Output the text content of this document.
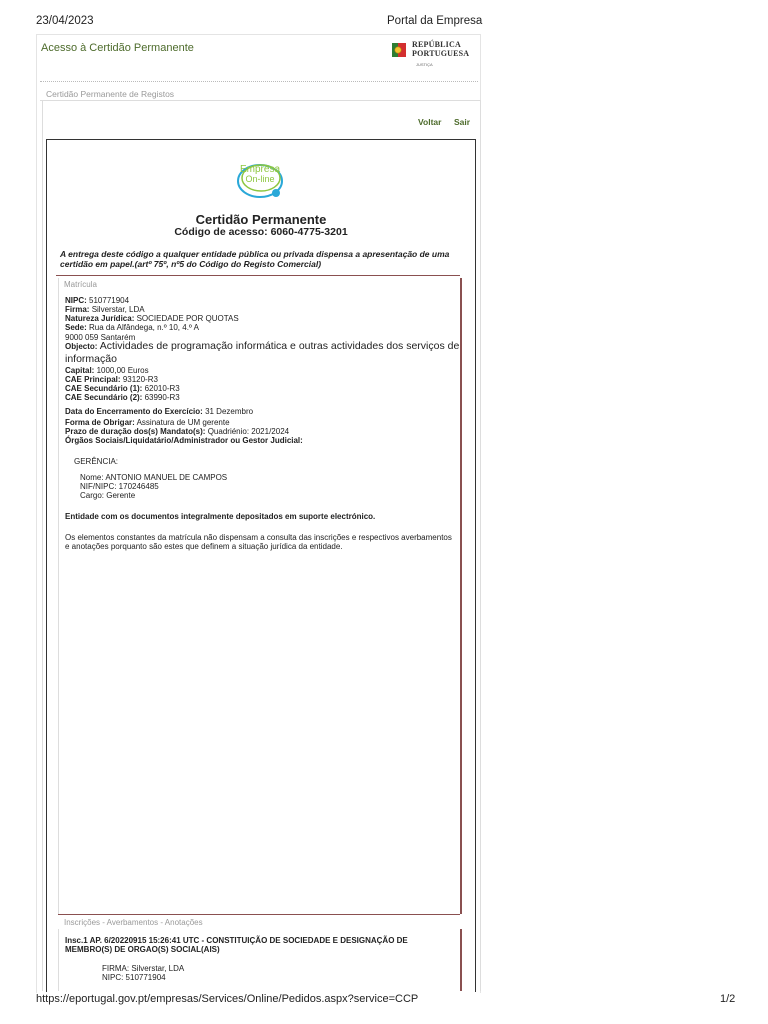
23/04/2023	Portal da Empresa
Acesso à Certidão Permanente	REPÚBLICA
PORTUGUESA
JUSTIÇA
Certidão Permanente de Registos
Voltar Sair
Empresa
On-line
Certidão Permanente
Código de acesso: 6060-4775-3201
A entrega deste código a qualquer entidade pública ou privada dispensa a apresentação de uma certidão em papel.(artº 75º, nº5 do Código do Registo Comercial)
Matrícula
NIPC: 510771904
Firma: Silverstar, LDA
Natureza Jurídica: SOCIEDADE POR QUOTAS
Sede: Rua da Alfândega, n.º 10, 4.º A
9000 059 Santarém
Objecto: Actividades de programação informática e outras actividades dos serviços de informação
Capital: 1000,00 Euros
CAE Principal: 93120-R3
CAE Secundário (1): 62010-R3
CAE Secundário (2): 63990-R3
Data do Encerramento do Exercício: 31 Dezembro
Forma de Obrigar: Assinatura de UM gerente
Prazo de duração dos(s) Mandato(s): Quadriénio: 2021/2024
Órgãos Sociais/Liquidatário/Administrador ou Gestor Judicial:
GERÊNCIA:
Nome: ANTONIO MANUEL DE CAMPOS
NIF/NIPC: 170246485
Cargo: Gerente
Entidade com os documentos integralmente depositados em suporte electrónico.
Os elementos constantes da matrícula não dispensam a consulta das inscrições e respectivos averbamentos e anotações porquanto são estes que definem a situação jurídica da entidade.
Inscrições - Averbamentos - Anotações
Insc.1 AP. 6/20220915 15:26:41 UTC - CONSTITUIÇÃO DE SOCIEDADE E DESIGNAÇÃO DE MEMBRO(S) DE ORGAO(S) SOCIAL(AIS)
FIRMA: Silverstar, LDA
NIPC: 510771904
https://eportugal.gov.pt/empresas/Services/Online/Pedidos.aspx?service=CCP	1/2
